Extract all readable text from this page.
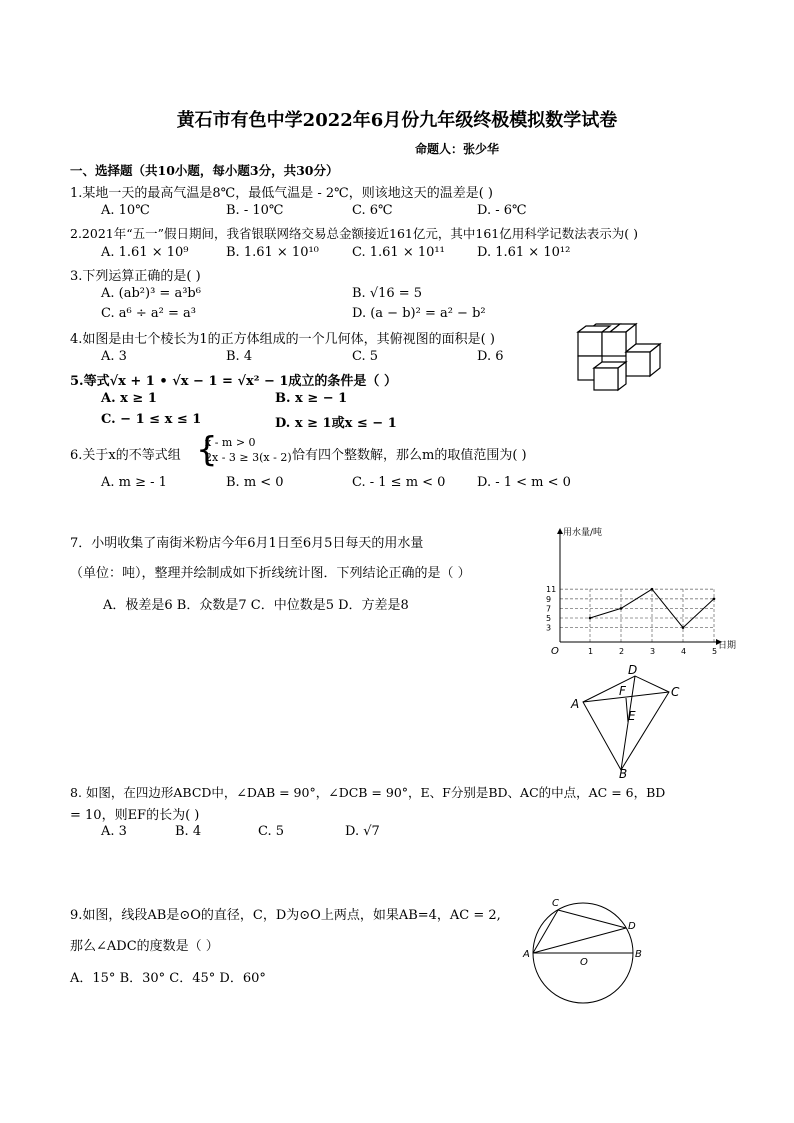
黄石市有色中学2022年6月份九年级终极模拟数学试卷
命题人：张少华
一、选择题（共10小题，每小题3分，共30分）
1.某地一天的最高气温是8℃，最低气温是 - 2℃，则该地这天的温差是( )
A. 10℃	B. - 10℃	C. 6℃	D. - 6℃
2.2021年“五一”假日期间，我省银联网络交易总金额接近161亿元，其中161亿用科学记数法表示为( )
A. 1.61 × 10⁹	B. 1.61 × 10¹⁰	C. 1.61 × 10¹¹ D. 1.61 × 10¹²
3.下列运算正确的是( )
A. (ab²)³ = a³b⁶	B. √16 = 5
C. a⁶ ÷ a² = a³	D. (a − b)² = a² − b²
4.如图是由七个棱长为1的正方体组成的一个几何体，其俯视图的面积是( )
A. 3	B. 4	C. 5	D. 6
5.等式√x + 1 • √x − 1 = √x² − 1成立的条件是（ ）
A. x ≥ 1	B. x ≥ − 1
C. − 1 ≤ x ≤ 1	D. x ≥ 1或x ≤ − 1
6.关于x的不等式组 {
x - m > 0
2x - 3 ≥ 3(x - 2) 恰有四个整数解，那么m的取值范围为( )
A. m ≥ - 1	B. m < 0	C. - 1 ≤ m < 0 D. - 1 < m < 0
7．小明收集了南街米粉店今年6月1日至6月5日每天的用水量
（单位：吨），整理并绘制成如下折线统计图．下列结论正确的是（ ）
A．极差是6 B．众数是7 C．中位数是5 D．方差是8
用水量/吨
日期
O
3
5
7
9
11
1	2	3	4	5
A
D
C
B
F
E
8. 如图，在四边形ABCD中，∠DAB = 90°，∠DCB = 90°，E、F分别是BD、AC的中点，AC = 6，BD
= 10，则EF的长为( )
A. 3	B. 4	C. 5	D. √7
9.如图，线段AB是⊙O的直径，C，D为⊙O上两点，如果AB=4，AC = 2,
那么∠ADC的度数是（ ）
A．15° B．30° C．45° D．60°
A	B
C
D
O
